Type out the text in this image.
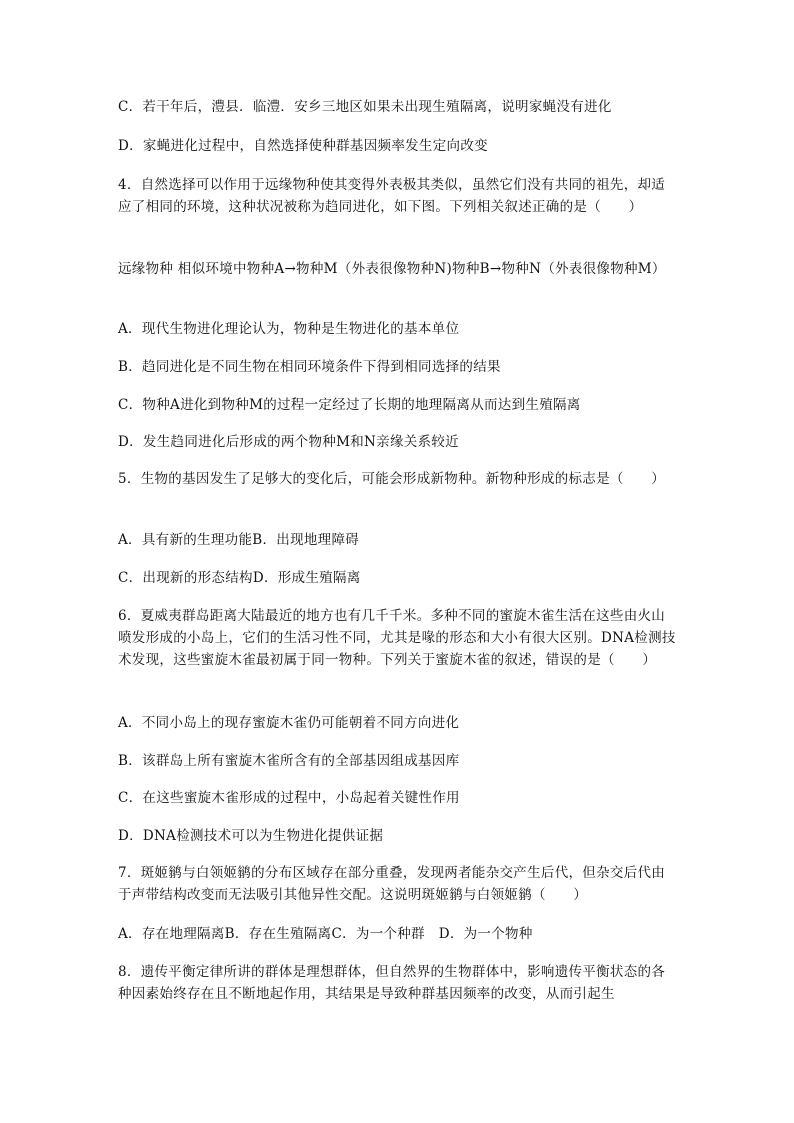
C．若干年后，澧县．临澧．安乡三地区如果未出现生殖隔离，说明家蝇没有进化
D．家蝇进化过程中，自然选择使种群基因频率发生定向改变
4．自然选择可以作用于远缘物种使其变得外表极其类似，虽然它们没有共同的祖先，却适应了相同的环境，这种状况被称为趋同进化，如下图。下列相关叙述正确的是（　　）
远缘物种 相似环境中物种A→物种M（外表很像物种N)物种B→物种N（外表很像物种M）
A．现代生物进化理论认为，物种是生物进化的基本单位
B．趋同进化是不同生物在相同环境条件下得到相同选择的结果
C．物种A进化到物种M的过程一定经过了长期的地理隔离从而达到生殖隔离
D．发生趋同进化后形成的两个物种M和N亲缘关系较近
5．生物的基因发生了足够大的变化后，可能会形成新物种。新物种形成的标志是（　　）
A．具有新的生理功能B．出现地理障碍
C．出现新的形态结构D．形成生殖隔离
6．夏威夷群岛距离大陆最近的地方也有几千千米。多种不同的蜜旋木雀生活在这些由火山喷发形成的小岛上，它们的生活习性不同，尤其是喙的形态和大小有很大区别。DNA检测技术发现，这些蜜旋木雀最初属于同一物种。下列关于蜜旋木雀的叙述，错误的是（　　）
A．不同小岛上的现存蜜旋木雀仍可能朝着不同方向进化
B．该群岛上所有蜜旋木雀所含有的全部基因组成基因库
C．在这些蜜旋木雀形成的过程中，小岛起着关键性作用
D．DNA检测技术可以为生物进化提供证据
7．斑姬鹟与白领姬鹟的分布区域存在部分重叠，发现两者能杂交产生后代，但杂交后代由于声带结构改变而无法吸引其他异性交配。这说明斑姬鹟与白领姬鹟（　　）
A．存在地理隔离B．存在生殖隔离C．为一个种群　D．为一个物种
8．遗传平衡定律所讲的群体是理想群体，但自然界的生物群体中，影响遗传平衡状态的各种因素始终存在且不断地起作用，其结果是导致种群基因频率的改变，从而引起生
